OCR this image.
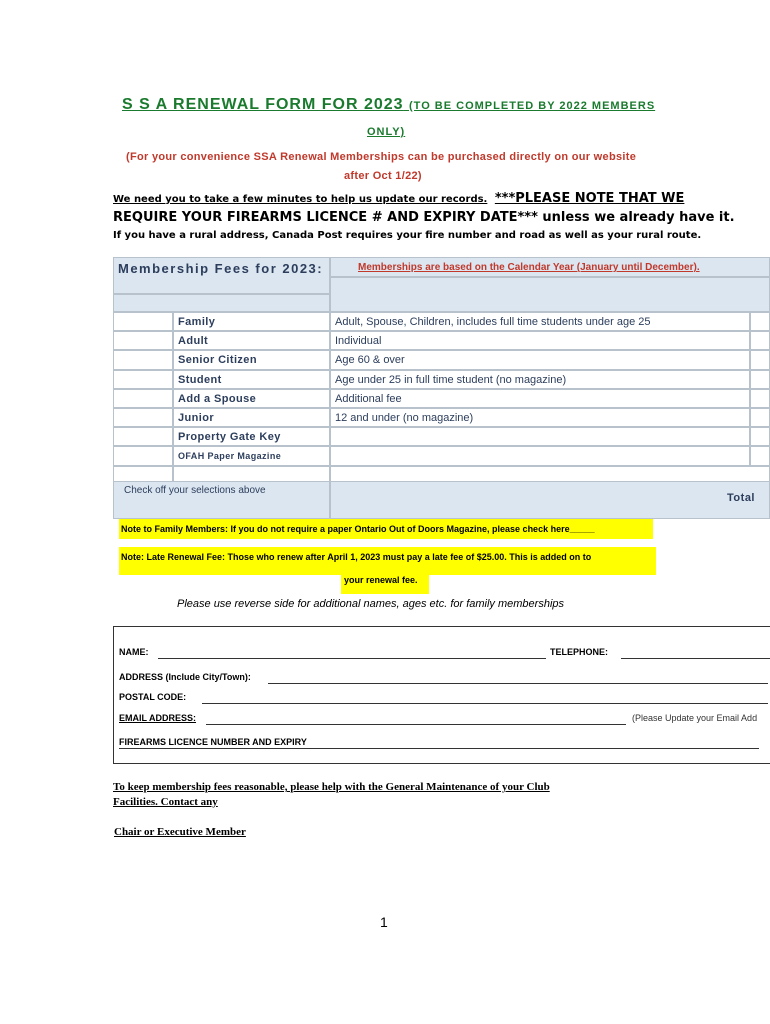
S S A RENEWAL FORM FOR 2023 (TO BE COMPLETED BY 2022 MEMBERS
ONLY)
(For your convenience SSA Renewal Memberships can be purchased directly on our website
after Oct 1/22)
We need you to take a few minutes to help us update our records. ***PLEASE NOTE THAT WE
REQUIRE YOUR FIREARMS LICENCE # AND EXPIRY DATE*** unless we already have it.
If you have a rural address, Canada Post requires your fire number and road as well as your rural route.
Membership Fees for 2023:	Memberships are based on the Calendar Year (January until December).
Family	Adult, Spouse, Children, includes full time students under age 25
Adult	Individual
Senior Citizen	Age 60 & over
Student	Age under 25 in full time student (no magazine)
Add a Spouse	Additional fee
Junior	12 and under (no magazine)
Property Gate Key
OFAH Paper Magazine
Check off your selections above
Total
Note to Family Members: If you do not require a paper Ontario Out of Doors Magazine, please check here_____
Note: Late Renewal Fee: Those who renew after April 1, 2023 must pay a late fee of $25.00. This is added on to
your renewal fee.
Please use reverse side for additional names, ages etc. for family memberships
NAME:	TELEPHONE:
ADDRESS (Include City/Town):
POSTAL CODE:
EMAIL ADDRESS:	(Please Update your Email Add
FIREARMS LICENCE NUMBER AND EXPIRY
To keep membership fees reasonable, please help with the General Maintenance of your Club
Facilities. Contact any
Chair or Executive Member
1
